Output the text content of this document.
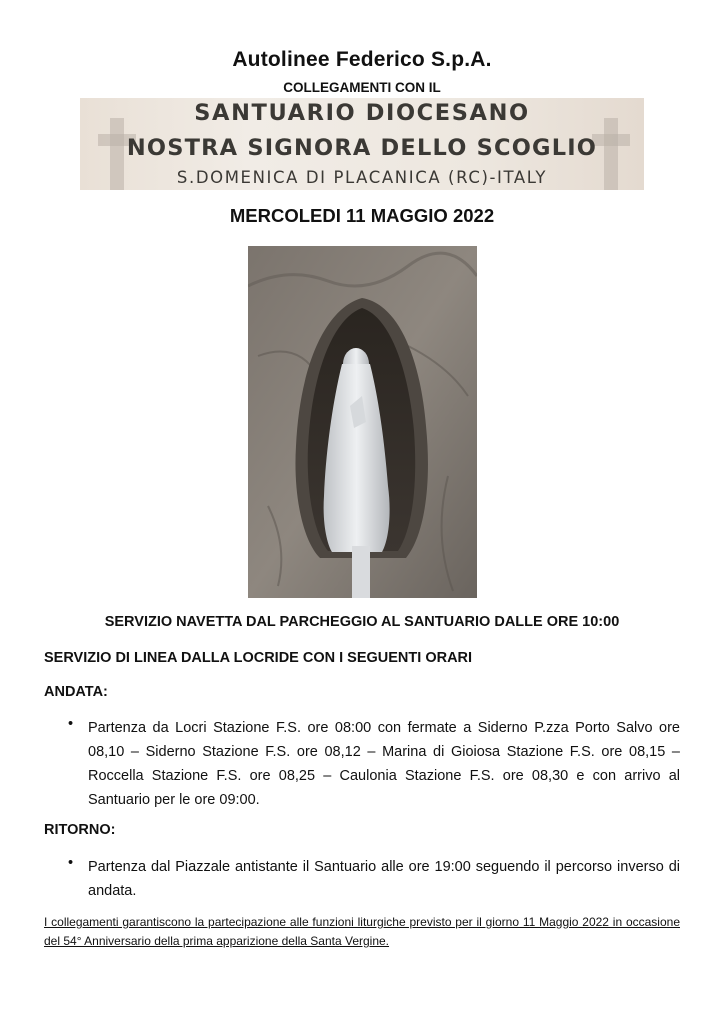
Autolinee Federico S.p.A.
COLLEGAMENTI CON IL
SANTUARIO DIOCESANO
NOSTRA SIGNORA DELLO SCOGLIO
S.DOMENICA DI PLACANICA (RC)-ITALY
MERCOLEDI 11 MAGGIO 2022
SERVIZIO NAVETTA DAL PARCHEGGIO AL SANTUARIO DALLE ORE 10:00
SERVIZIO DI LINEA DALLA LOCRIDE CON I SEGUENTI ORARI
ANDATA:
• Partenza da Locri Stazione F.S. ore 08:00 con fermate a Siderno P.zza Porto Salvo ore 08,10 – Siderno Stazione F.S. ore 08,12 – Marina di Gioiosa Stazione F.S. ore 08,15 – Roccella Stazione F.S. ore 08,25 – Caulonia Stazione F.S. ore 08,30 e con arrivo al Santuario per le ore 09:00.
RITORNO:
• Partenza dal Piazzale antistante il Santuario alle ore 19:00 seguendo il percorso inverso di andata.
I collegamenti garantiscono la partecipazione alle funzioni liturgiche previsto per il giorno 11 Maggio 2022 in occasione del 54° Anniversario della prima apparizione della Santa Vergine.
